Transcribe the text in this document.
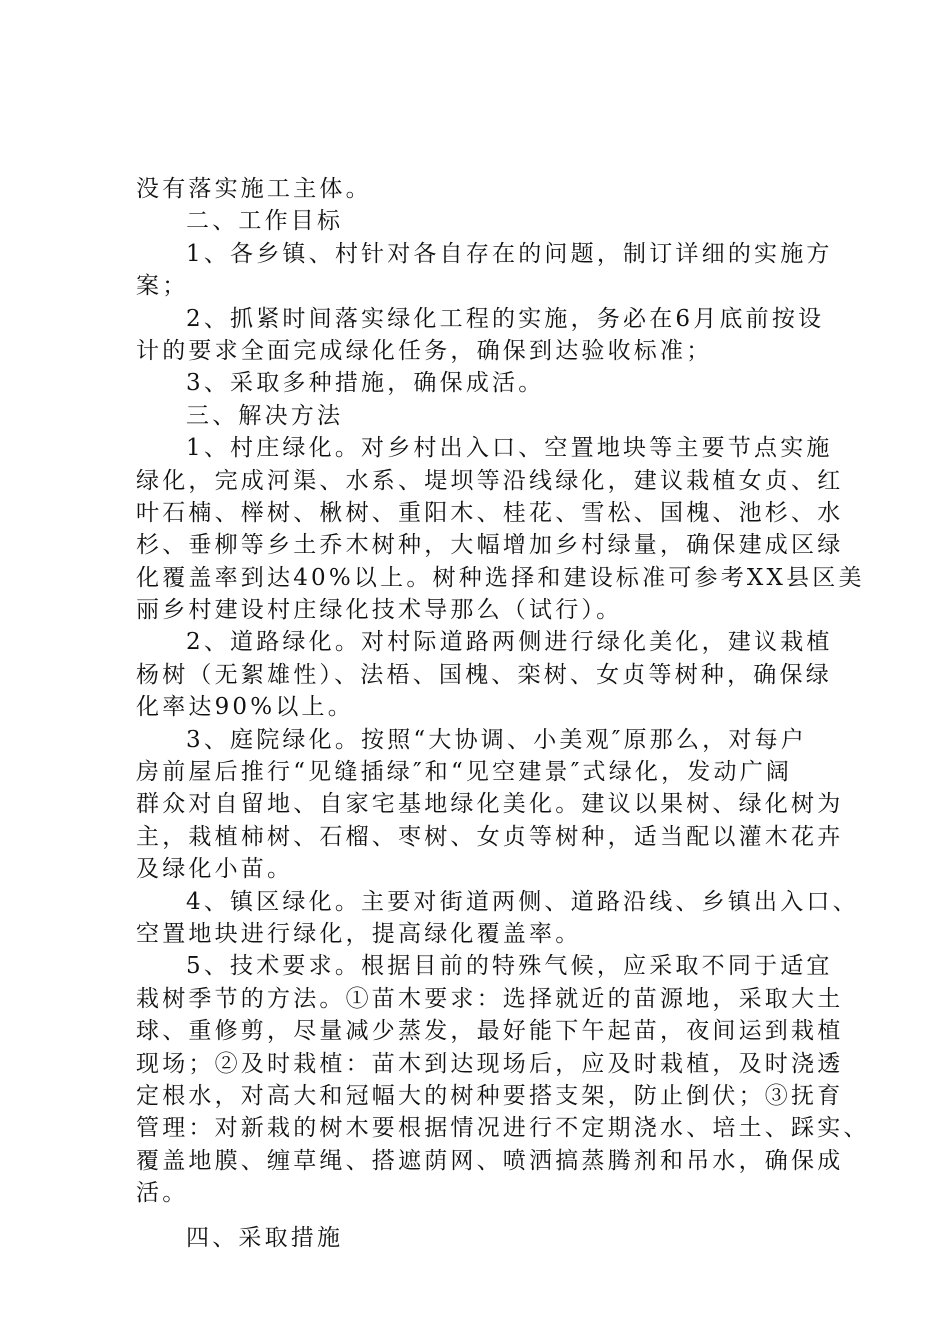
没有落实施工主体。
二、工作目标
1、各乡镇、村针对各自存在的问题，制订详细的实施方
案；
2、抓紧时间落实绿化工程的实施，务必在6月底前按设
计的要求全面完成绿化任务，确保到达验收标准；
3、采取多种措施，确保成活。
三、解决方法
1、村庄绿化。对乡村出入口、空置地块等主要节点实施
绿化，完成河渠、水系、堤坝等沿线绿化，建议栽植女贞、红
叶石楠、榉树、楸树、重阳木、桂花、雪松、国槐、池杉、水
杉、垂柳等乡土乔木树种，大幅增加乡村绿量，确保建成区绿
化覆盖率到达40%以上。树种选择和建设标准可参考XX县区美
丽乡村建设村庄绿化技术导那么（试行）。
2、道路绿化。对村际道路两侧进行绿化美化，建议栽植
杨树（无絮雄性）、法梧、国槐、栾树、女贞等树种，确保绿
化率达90%以上。
3、庭院绿化。按照“大协调、小美观″原那么，对每户
房前屋后推行“见缝插绿″和“见空建景″式绿化，发动广阔
群众对自留地、自家宅基地绿化美化。建议以果树、绿化树为
主，栽植柿树、石榴、枣树、女贞等树种，适当配以灌木花卉
及绿化小苗。
4、镇区绿化。主要对街道两侧、道路沿线、乡镇出入口、
空置地块进行绿化，提高绿化覆盖率。
5、技术要求。根据目前的特殊气候，应采取不同于适宜
栽树季节的方法。①苗木要求：选择就近的苗源地，采取大土
球、重修剪，尽量减少蒸发，最好能下午起苗，夜间运到栽植
现场；②及时栽植：苗木到达现场后，应及时栽植，及时浇透
定根水，对高大和冠幅大的树种要搭支架，防止倒伏；③抚育
管理：对新栽的树木要根据情况进行不定期浇水、培土、踩实、
覆盖地膜、缠草绳、搭遮荫网、喷洒搞蒸腾剂和吊水，确保成
活。
四、采取措施
